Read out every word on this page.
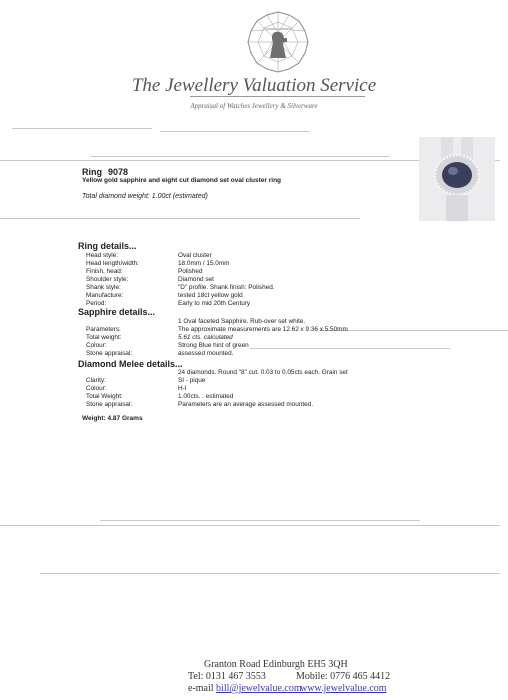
The Jewellery Valuation Service
Appraisal of Watches Jewellery & Silverware
Ring 9078
Yellow gold sapphire and eight cut diamond set oval cluster ring
Total diamond weight: 1.00ct (estimated)
Ring details...
Head style:	Oval cluster
Head length/width:	18.0mm / 15.0mm
Finish, head:	Polished
Shoulder style:	Diamond set
Shank style:	"D" profile. Shank finish: Polished.
Manufacture:	tested 18ct yellow gold
Period:	Early to mid 20th Century
Sapphire details...
1 Oval faceted Sapphire. Rub-over set white.
Parameters:	The approximate measurements are 12.62 x 9.36 x 5.50mm
Total weight:	5.61 cts. calculated
Colour:	Strong Blue hint of green
Stone appraisal:	assessed mounted.
Diamond Melee details...
24 diamonds. Round "8" cut. 0.03 to 0.05cts each. Grain set
Clarity:	SI - pique
Colour:	H-I
Total Weight:	1.00cts. . estimated
Stone appraisal:	Parameters are an average assessed mounted.
Weight: 4.87 Grams
Granton Road Edinburgh EH5 3QH
Tel: 0131 467 3553	Mobile: 0776 465 4412
e-mail bill@jewelvalue.com
www.jewelvalue.com
